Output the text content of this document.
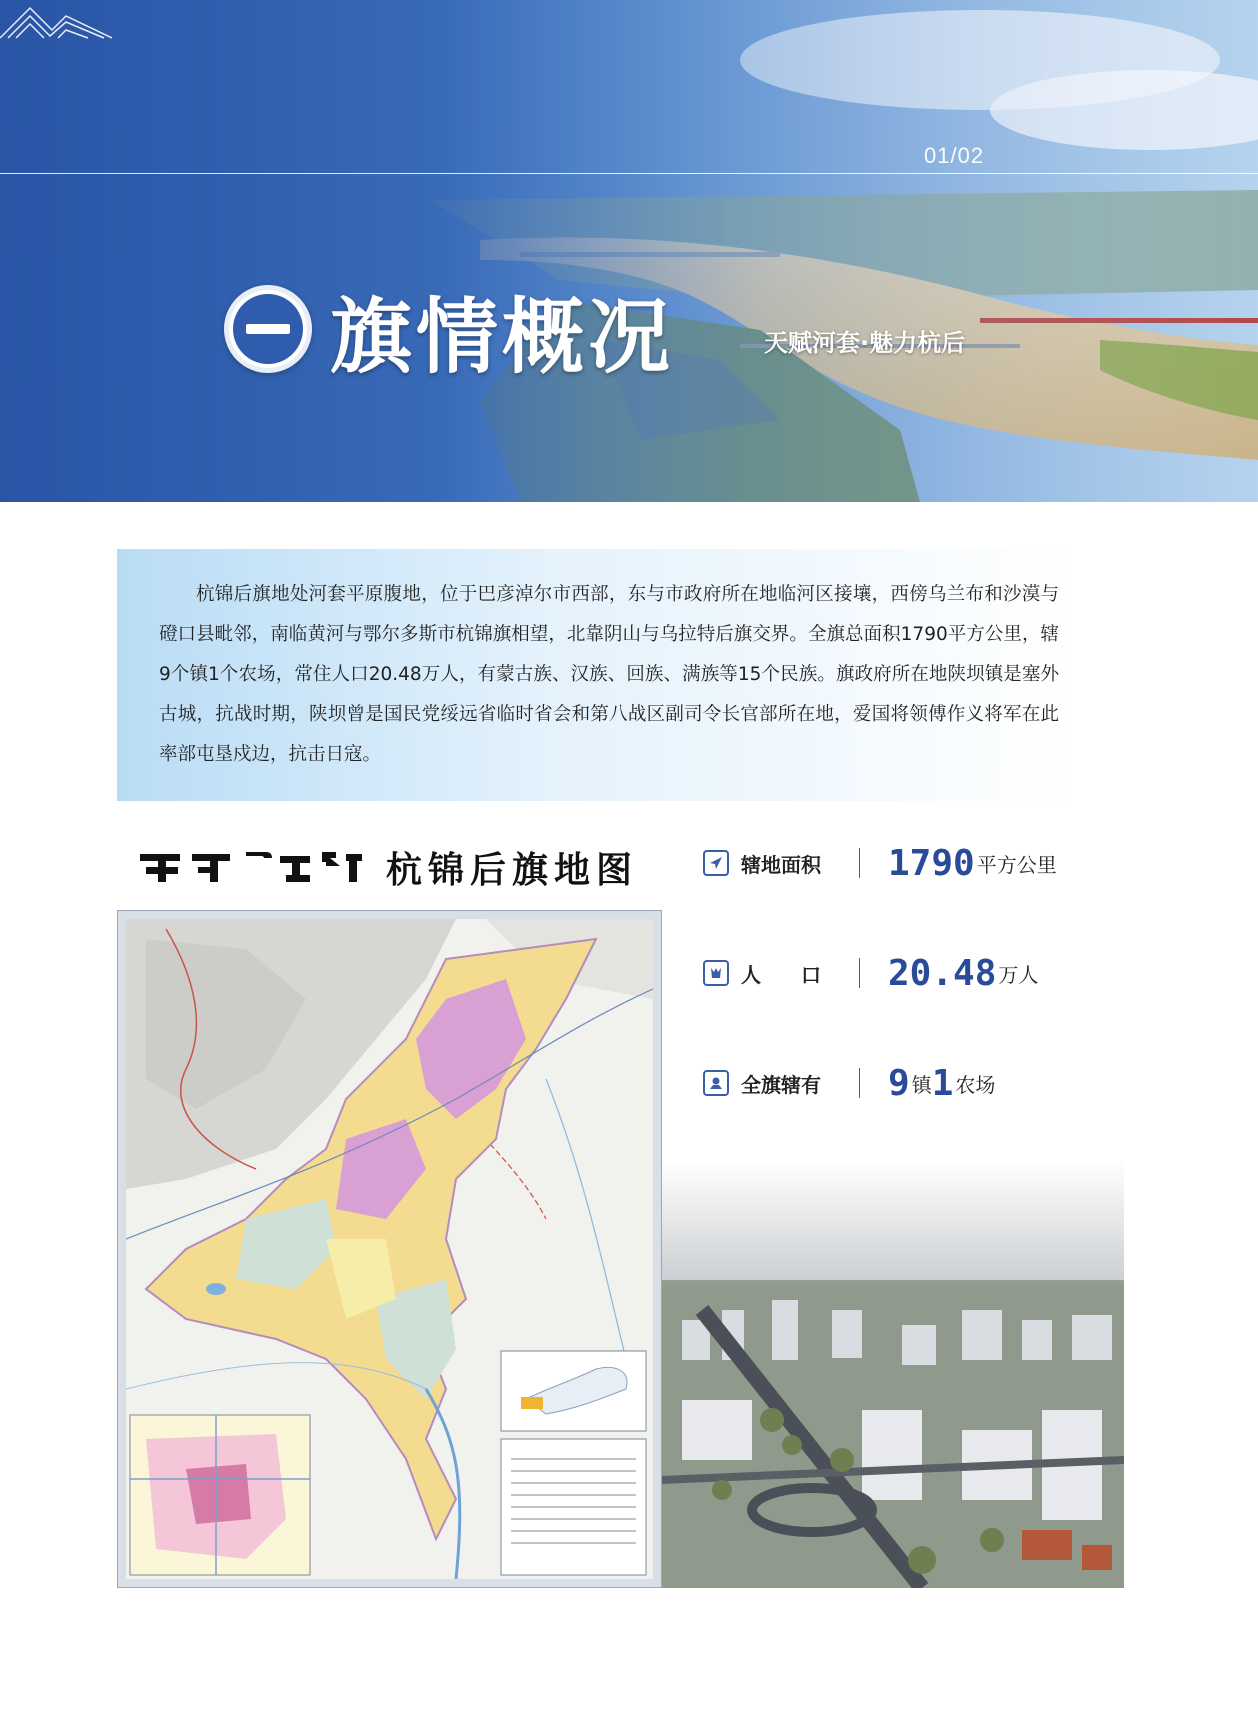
01/02
旗情概况	天赋河套·魅力杭后

杭锦后旗地处河套平原腹地，位于巴彦淖尔市西部，东与市政府所在地临河区接壤，西傍乌兰布和沙漠与磴口县毗邻，南临黄河与鄂尔多斯市杭锦旗相望，北靠阴山与乌拉特后旗交界。全旗总面积1790平方公里，辖9个镇1个农场，常住人口20.48万人，有蒙古族、汉族、回族、满族等15个民族。旗政府所在地陕坝镇是塞外古城，抗战时期，陕坝曾是国民党绥远省临时省会和第八战区副司令长官部所在地，爱国将领傅作义将军在此率部屯垦戍边，抗击日寇。

杭锦后旗地图	辖地面积	1790 平方公里
人　　口	20.48 万人
全旗辖有	9 镇 1 农场
